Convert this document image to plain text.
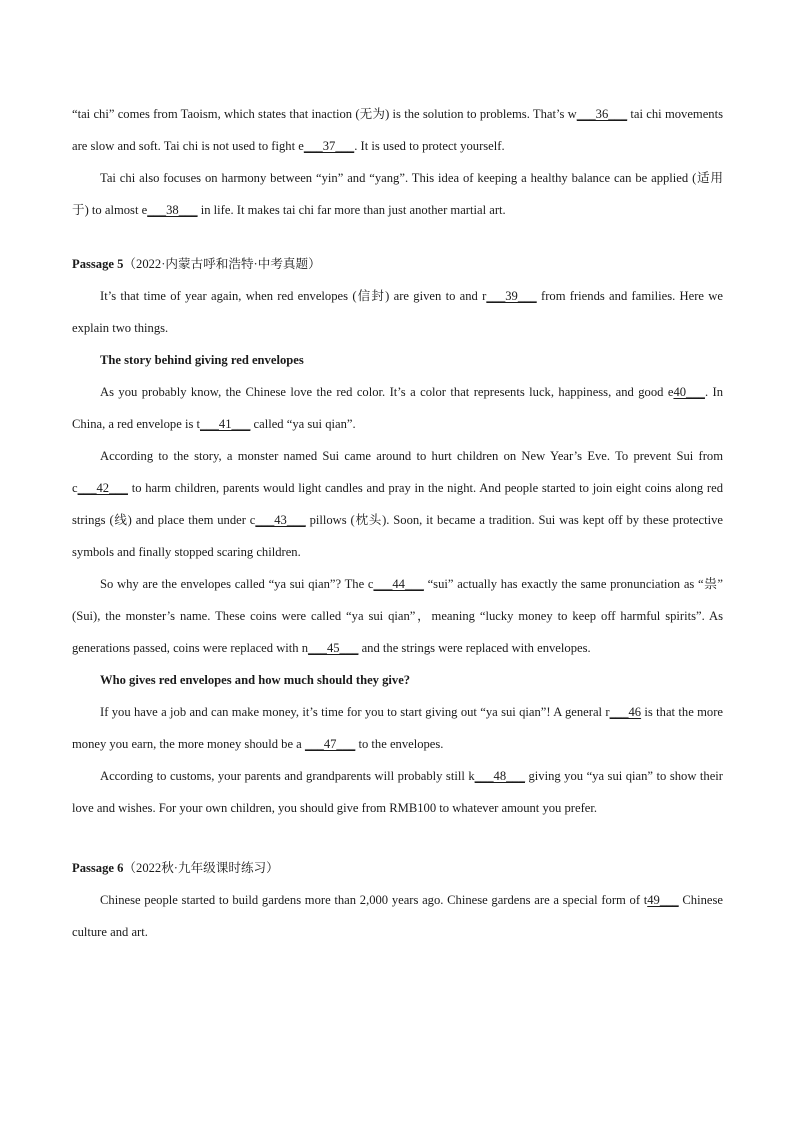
“tai chi” comes from Taoism, which states that inaction (无为) is the solution to problems. That’s w___36___ tai chi movements are slow and soft. Tai chi is not used to fight e___37___. It is used to protect yourself.

Tai chi also focuses on harmony between “yin” and “yang”. This idea of keeping a healthy balance can be applied (适用于) to almost e___38___ in life. It makes tai chi far more than just another martial art.

Passage 5（2022·内蒙古呼和浩特·中考真题）

It’s that time of year again, when red envelopes (信封) are given to and r___39___ from friends and families. Here we explain two things.

The story behind giving red envelopes

As you probably know, the Chinese love the red color. It’s a color that represents luck, happiness, and good e40___. In China, a red envelope is t___41___ called “ya sui qian”.

According to the story, a monster named Sui came around to hurt children on New Year’s Eve. To prevent Sui from c___42___ to harm children, parents would light candles and pray in the night. And people started to join eight coins along red strings (线) and place them under c___43___ pillows (枕头). Soon, it became a tradition. Sui was kept off by these protective symbols and finally stopped scaring children.

So why are the envelopes called “ya sui qian”? The c___44___ “sui” actually has exactly the same pronunciation as “祟” (Sui), the monster’s name. These coins were called “ya sui qian”，meaning “lucky money to keep off harmful spirits”. As generations passed, coins were replaced with n___45___ and the strings were replaced with envelopes.

Who gives red envelopes and how much should they give?

If you have a job and can make money, it’s time for you to start giving out “ya sui qian”! A general r___46 is that the more money you earn, the more money should be a ___47___ to the envelopes.

According to customs, your parents and grandparents will probably still k___48___ giving you “ya sui qian” to show their love and wishes. For your own children, you should give from RMB100 to whatever amount you prefer.

Passage 6（2022秋·九年级课时练习）

Chinese people started to build gardens more than 2,000 years ago. Chinese gardens are a special form of t49___ Chinese culture and art.
